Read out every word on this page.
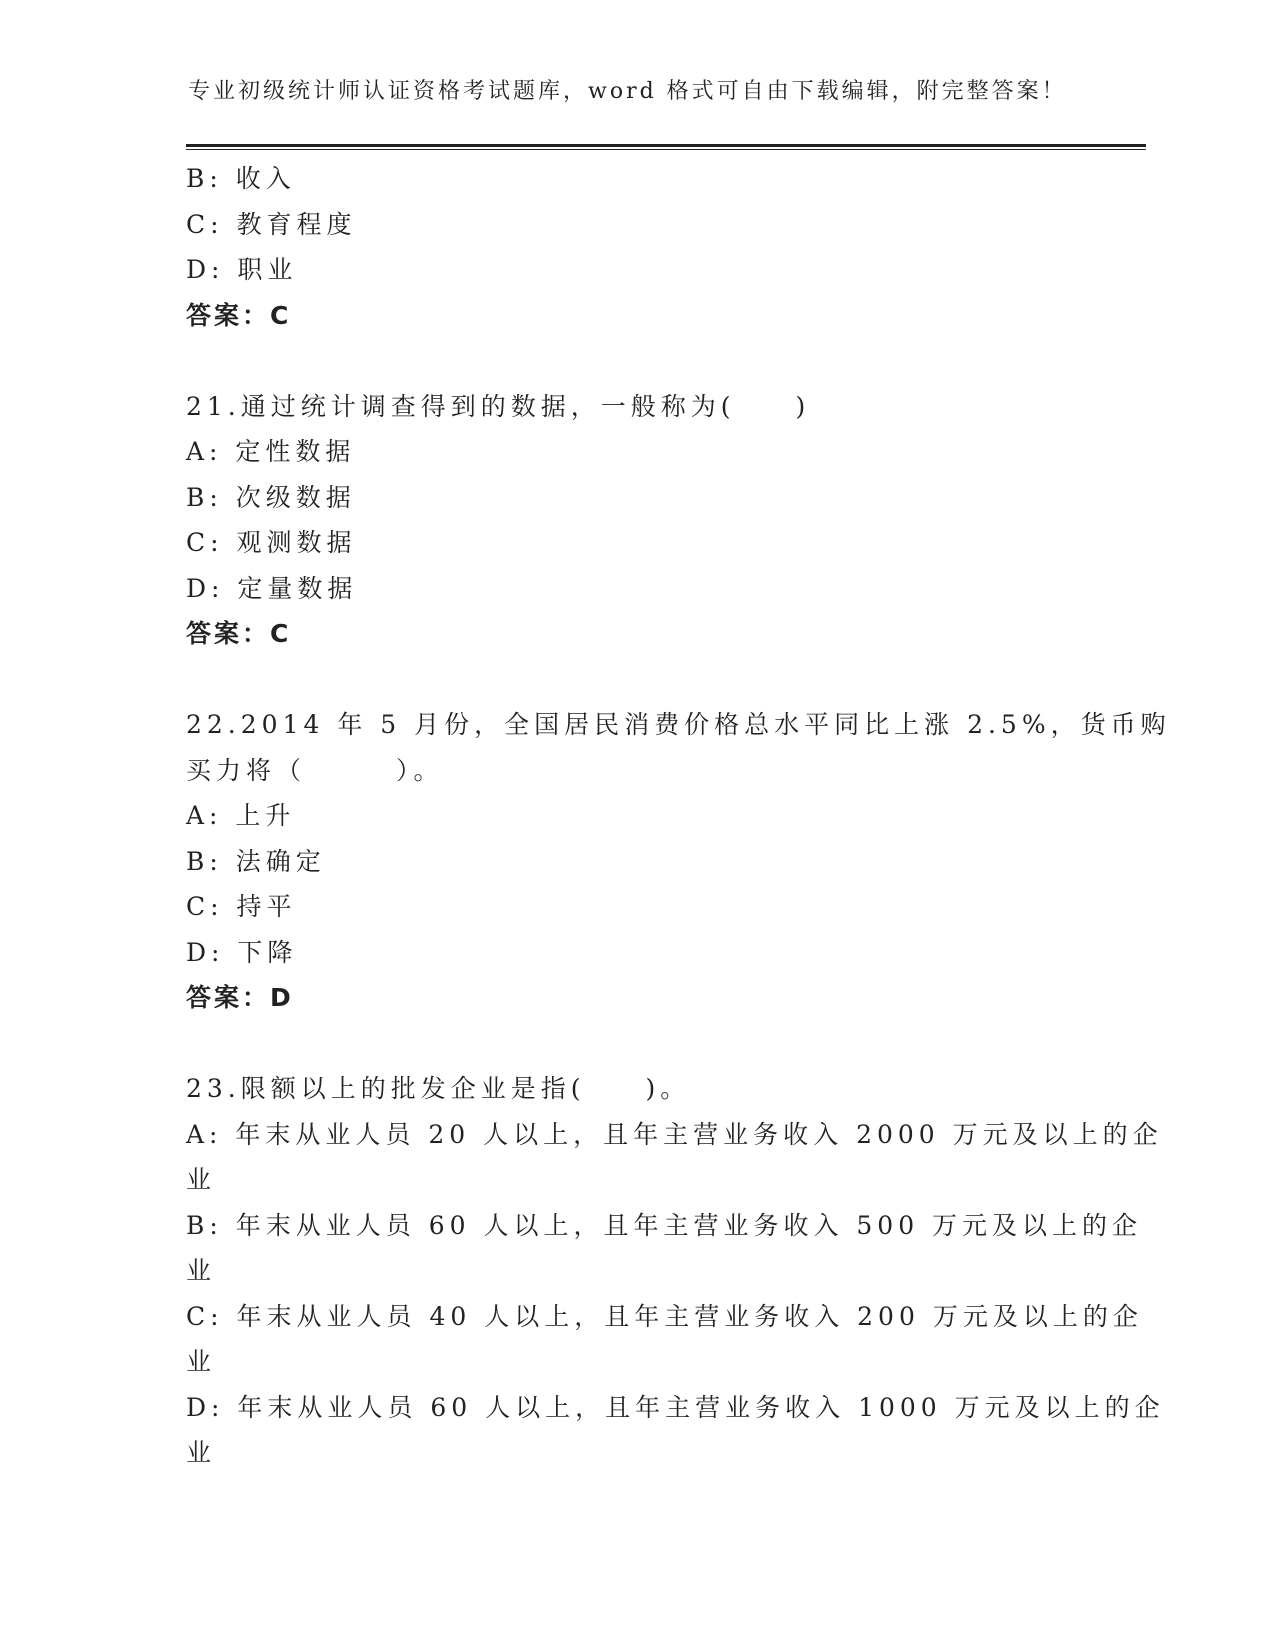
专业初级统计师认证资格考试题库，word 格式可自由下载编辑，附完整答案！
B: 收入
C: 教育程度
D: 职业
答案：C
21.通过统计调查得到的数据，一般称为(　　)
A: 定性数据
B: 次级数据
C: 观测数据
D: 定量数据
答案：C
22.2014 年 5 月份，全国居民消费价格总水平同比上涨 2.5%，货币购
买力将（　　　）。
A: 上升
B: 法确定
C: 持平
D: 下降
答案：D
23.限额以上的批发企业是指(　　)。
A: 年末从业人员 20 人以上，且年主营业务收入 2000 万元及以上的企
业
B: 年末从业人员 60 人以上，且年主营业务收入 500 万元及以上的企
业
C: 年末从业人员 40 人以上，且年主营业务收入 200 万元及以上的企
业
D: 年末从业人员 60 人以上，且年主营业务收入 1000 万元及以上的企
业
